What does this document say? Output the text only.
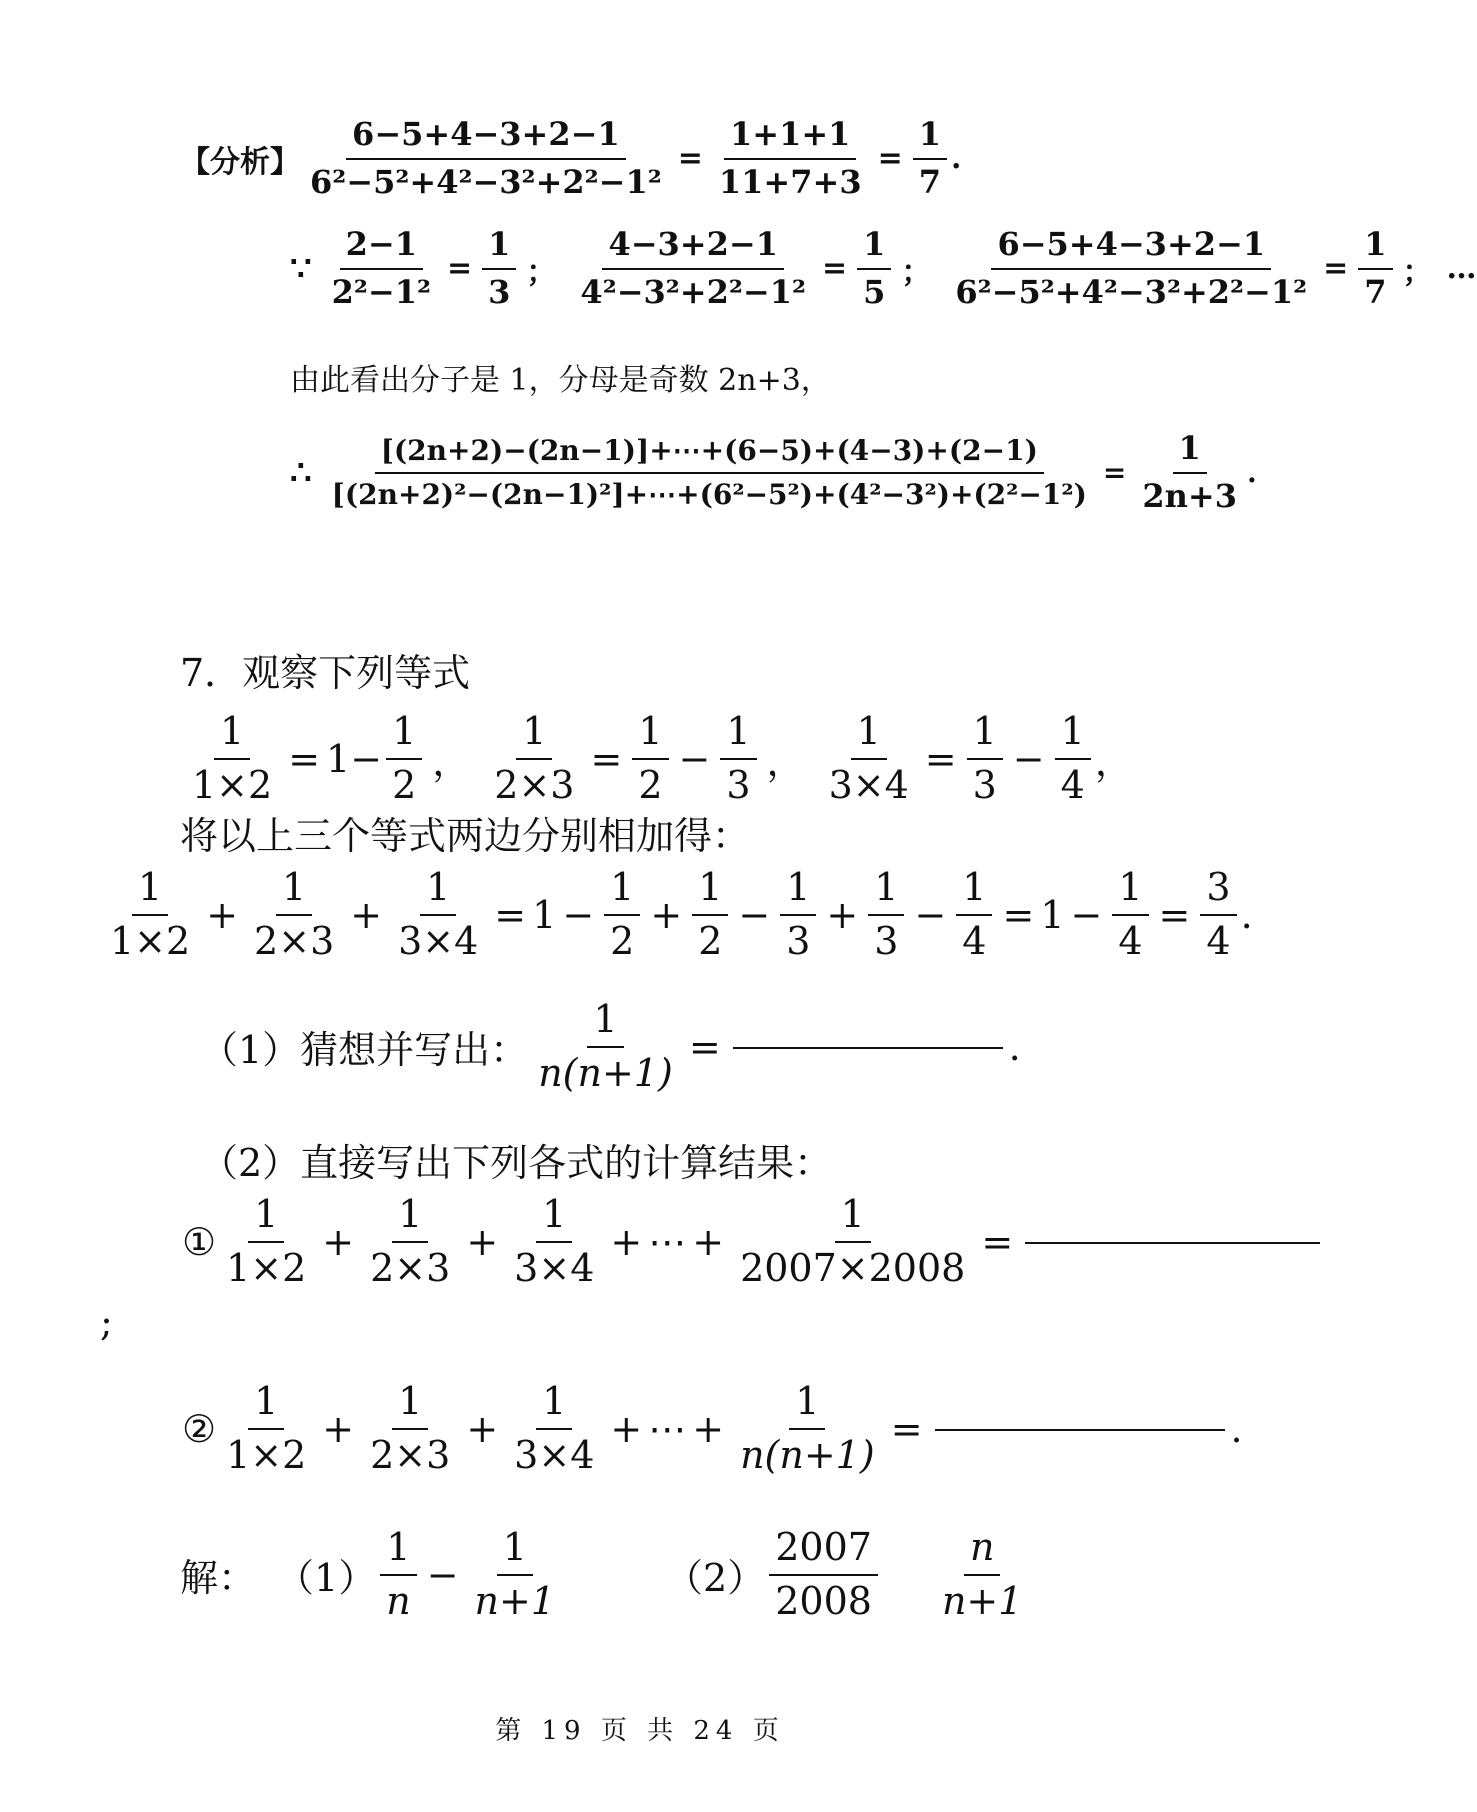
【分析】 $\frac{6-5+4-3+2-1}{\text{6²−5²+4²−3²+2²−1²}} = \frac{1+1+1}{11+7+3} = \frac{1}{7}$ .
∵ $\frac{2-1}{\text{2²−1²}} = \frac{1}{3}$ ； $\frac{4-3+2-1}{\text{4²−3²+2²−1²}} = \frac{1}{5}$ ； $\frac{6-5+4-3+2-1}{\text{6²−5²+4²−3²+2²−1²}} = \frac{1}{7}$ ； …
由此看出分子是 1，分母是奇数 2n+3，
∴ $\frac{[(2n+2)-(2n-1)]+\cdots+(6-5)+(4-3)+(2-1)}{\text{[(2n+2)²−(2n−1)²]+⋯+(6²−5²)+(4²−3²)+(2²−1²)}} = \frac{1}{2n+3}$ .
7．观察下列等式
$\frac{1}{1\times 2} = 1- \frac{1}{2}$ ， $\frac{1}{2\times 3} = \frac{1}{2} - \frac{1}{3}$ ， $\frac{1}{3\times 4} = \frac{1}{3} - \frac{1}{4}$ ，
将以上三个等式两边分别相加得：
$\frac{1}{1\times 2} + \frac{1}{2\times 3} + \frac{1}{3\times 4} = 1 - \frac{1}{2} + \frac{1}{2} - \frac{1}{3} + \frac{1}{3} - \frac{1}{4} = 1 - \frac{1}{4} = \frac{3}{4}$ .
（1）猜想并写出： $\frac{1}{n(n+1)}$ =	.
（2）直接写出下列各式的计算结果：
① $\frac{1}{1\times 2} + \frac{1}{2\times 3} + \frac{1}{3\times 4}$ + ⋯ + $\frac{1}{2007\times 2008}$ =
;
② $\frac{1}{1\times 2} + \frac{1}{2\times 3} + \frac{1}{3\times 4}$ + ⋯ + $\frac{1}{n(n+1)}$ =	.
解： $(1) \frac{1}{n} - \frac{1}{n+1}$	$(2) \frac{2007}{2008} \frac{n}{n+1}$
第 19 页 共 24 页
